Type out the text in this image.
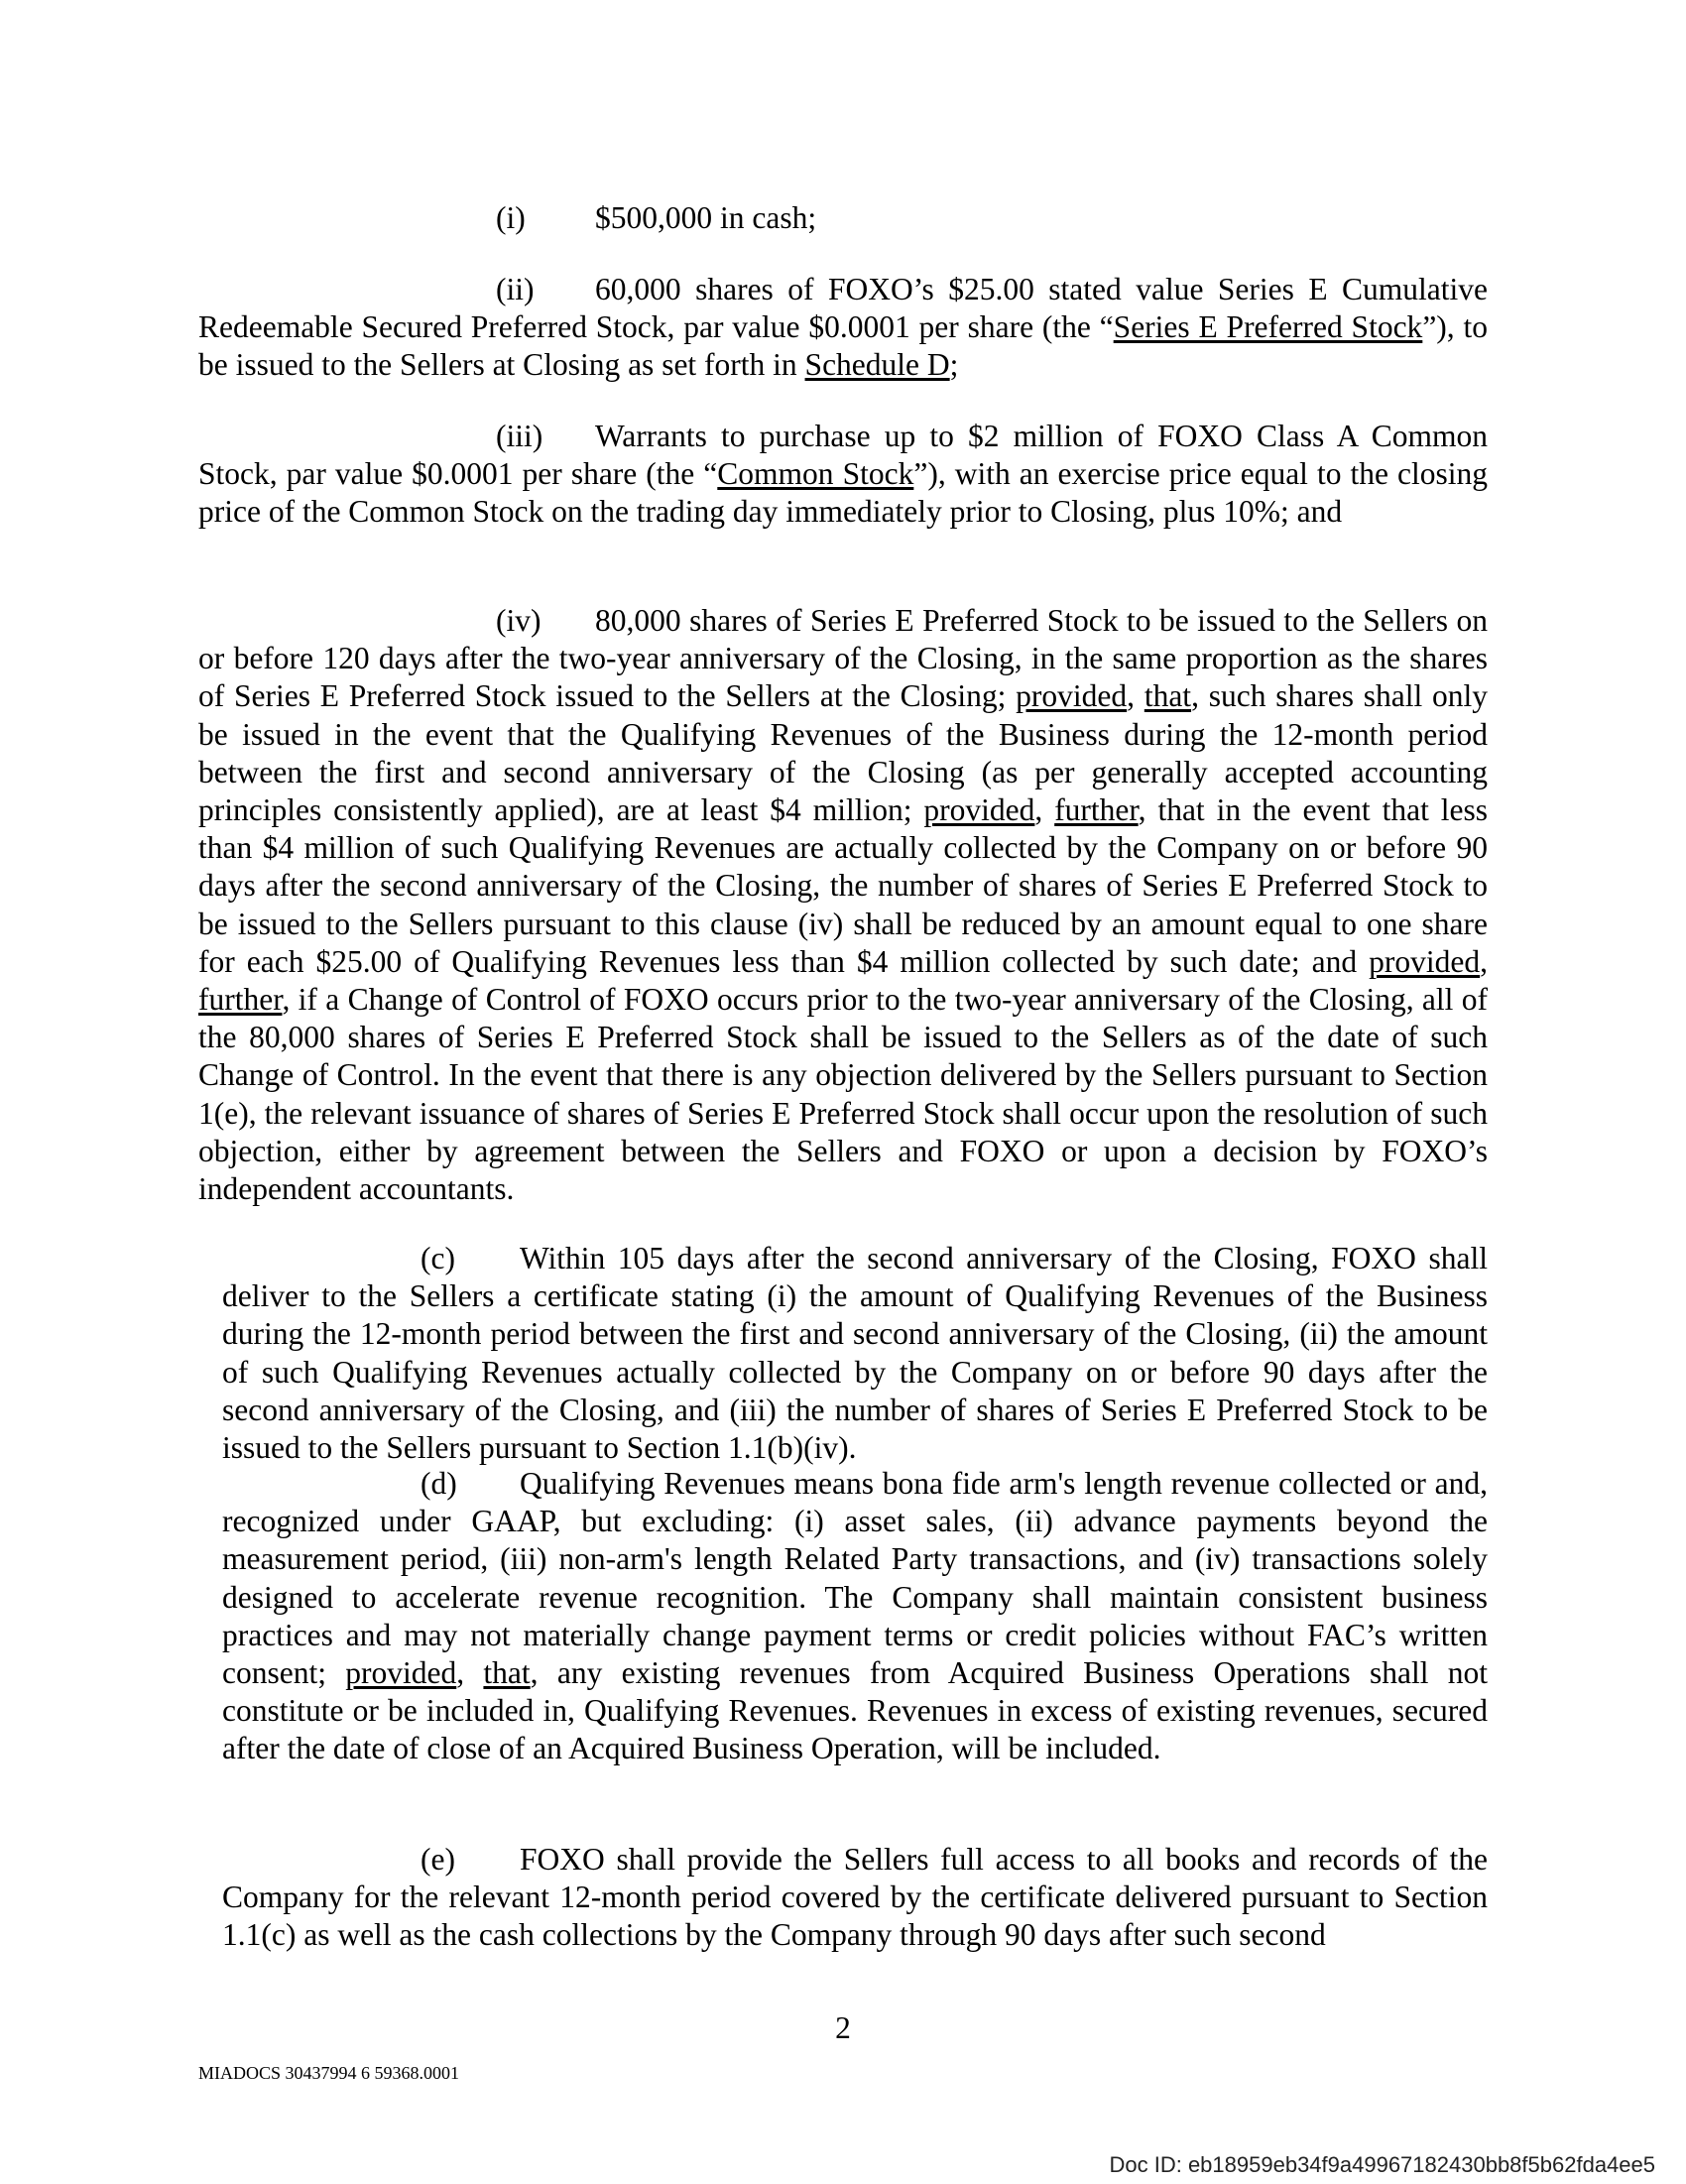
(i) $500,000 in cash;
(ii) 60,000 shares of FOXO’s $25.00 stated value Series E Cumulative Redeemable Secured Preferred Stock, par value $0.0001 per share (the “Series E Preferred Stock”), to be issued to the Sellers at Closing as set forth in Schedule D;
(iii) Warrants to purchase up to $2 million of FOXO Class A Common Stock, par value $0.0001 per share (the “Common Stock”), with an exercise price equal to the closing price of the Common Stock on the trading day immediately prior to Closing, plus 10%; and
(iv) 80,000 shares of Series E Preferred Stock to be issued to the Sellers on or before 120 days after the two-year anniversary of the Closing, in the same proportion as the shares of Series E Preferred Stock issued to the Sellers at the Closing; provided, that, such shares shall only be issued in the event that the Qualifying Revenues of the Business during the 12-month period between the first and second anniversary of the Closing (as per generally accepted accounting principles consistently applied), are at least $4 million; provided, further, that in the event that less than $4 million of such Qualifying Revenues are actually collected by the Company on or before 90 days after the second anniversary of the Closing, the number of shares of Series E Preferred Stock to be issued to the Sellers pursuant to this clause (iv) shall be reduced by an amount equal to one share for each $25.00 of Qualifying Revenues less than $4 million collected by such date; and provided, further, if a Change of Control of FOXO occurs prior to the two-year anniversary of the Closing, all of the 80,000 shares of Series E Preferred Stock shall be issued to the Sellers as of the date of such Change of Control. In the event that there is any objection delivered by the Sellers pursuant to Section 1(e), the relevant issuance of shares of Series E Preferred Stock shall occur upon the resolution of such objection, either by agreement between the Sellers and FOXO or upon a decision by FOXO’s independent accountants.
(c) Within 105 days after the second anniversary of the Closing, FOXO shall deliver to the Sellers a certificate stating (i) the amount of Qualifying Revenues of the Business during the 12-month period between the first and second anniversary of the Closing, (ii) the amount of such Qualifying Revenues actually collected by the Company on or before 90 days after the second anniversary of the Closing, and (iii) the number of shares of Series E Preferred Stock to be issued to the Sellers pursuant to Section 1.1(b)(iv).
(d) Qualifying Revenues means bona fide arm's length revenue collected or and, recognized under GAAP, but excluding: (i) asset sales, (ii) advance payments beyond the measurement period, (iii) non-arm's length Related Party transactions, and (iv) transactions solely designed to accelerate revenue recognition. The Company shall maintain consistent business practices and may not materially change payment terms or credit policies without FAC’s written consent; provided, that, any existing revenues from Acquired Business Operations shall not constitute or be included in, Qualifying Revenues. Revenues in excess of existing revenues, secured after the date of close of an Acquired Business Operation, will be included.
(e) FOXO shall provide the Sellers full access to all books and records of the Company for the relevant 12-month period covered by the certificate delivered pursuant to Section 1.1(c) as well as the cash collections by the Company through 90 days after such second
2
MIADOCS 30437994 6 59368.0001
Doc ID: eb18959eb34f9a49967182430bb8f5b62fda4ee5
